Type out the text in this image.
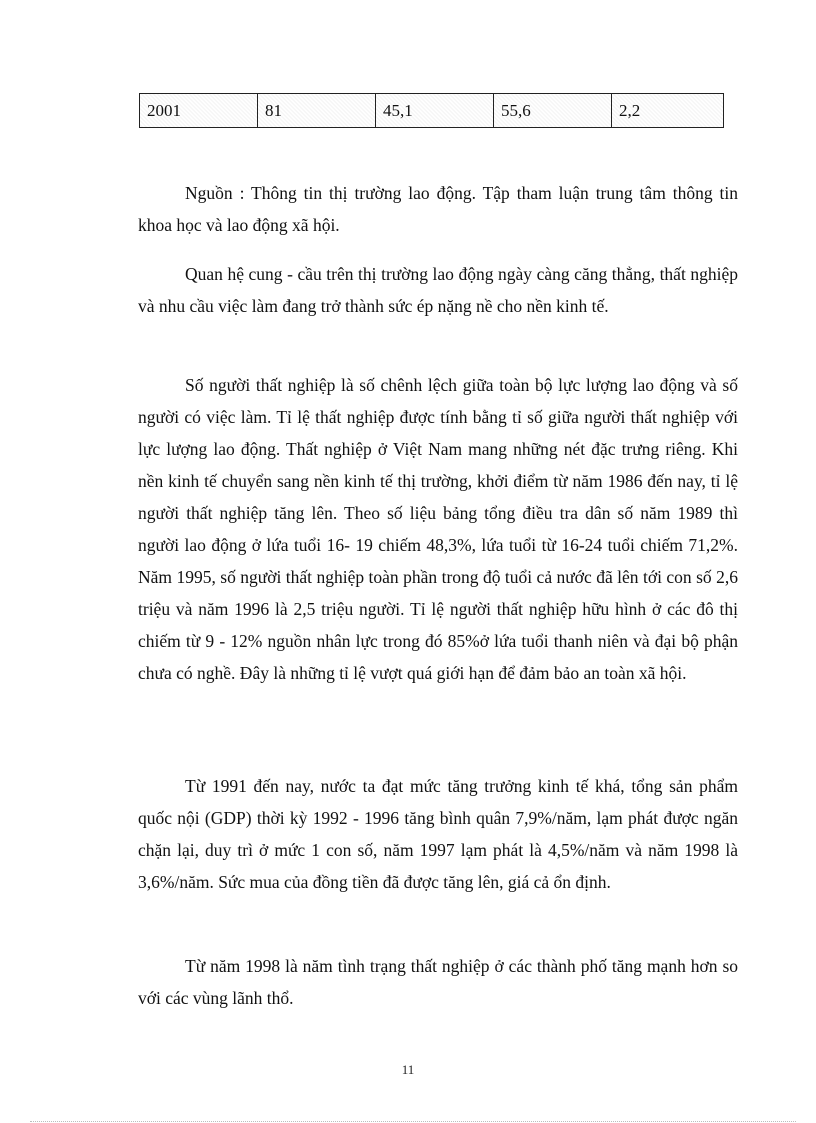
2001	81	45,1	55,6	2,2

Nguồn : Thông tin thị trường lao động. Tập tham luận trung tâm thông tin khoa học và lao động xã hội.

Quan hệ cung - cầu trên thị trường lao động ngày càng căng thẳng, thất nghiệp và nhu cầu việc làm đang trở thành sức ép nặng nề cho nền kinh tế.

Số người thất nghiệp là số chênh lệch giữa toàn bộ lực lượng lao động và số người có việc làm. Tỉ lệ thất nghiệp được tính bằng tỉ số giữa người thất nghiệp với lực lượng lao động. Thất nghiệp ở Việt Nam mang những nét đặc trưng riêng. Khi nền kinh tế chuyển sang nền kinh tế thị trường, khởi điểm từ năm 1986 đến nay, tỉ lệ người thất nghiệp tăng lên. Theo số liệu bảng tổng điều tra dân số năm 1989 thì người lao động ở lứa tuổi 16- 19 chiếm 48,3%, lứa tuổi từ 16-24 tuổi chiếm 71,2%. Năm 1995, số người thất nghiệp toàn phần trong độ tuổi cả nước đã lên tới con số 2,6 triệu và năm 1996 là 2,5 triệu người. Tỉ lệ người thất nghiệp hữu hình ở các đô thị chiếm từ 9 - 12% nguồn nhân lực trong đó 85%ở lứa tuổi thanh niên và đại bộ phận chưa có nghề. Đây là những tỉ lệ vượt quá giới hạn để đảm bảo an toàn xã hội.

Từ 1991 đến nay, nước ta đạt mức tăng trưởng kinh tế khá, tổng sản phẩm quốc nội (GDP) thời kỳ 1992 - 1996 tăng bình quân 7,9%/năm, lạm phát được ngăn chặn lại, duy trì ở mức 1 con số, năm 1997 lạm phát là 4,5%/năm và năm 1998 là 3,6%/năm. Sức mua của đồng tiền đã được tăng lên, giá cả ổn định.

Từ năm 1998 là năm tình trạng thất nghiệp ở các thành phố tăng mạnh hơn so với các vùng lãnh thổ.

11
